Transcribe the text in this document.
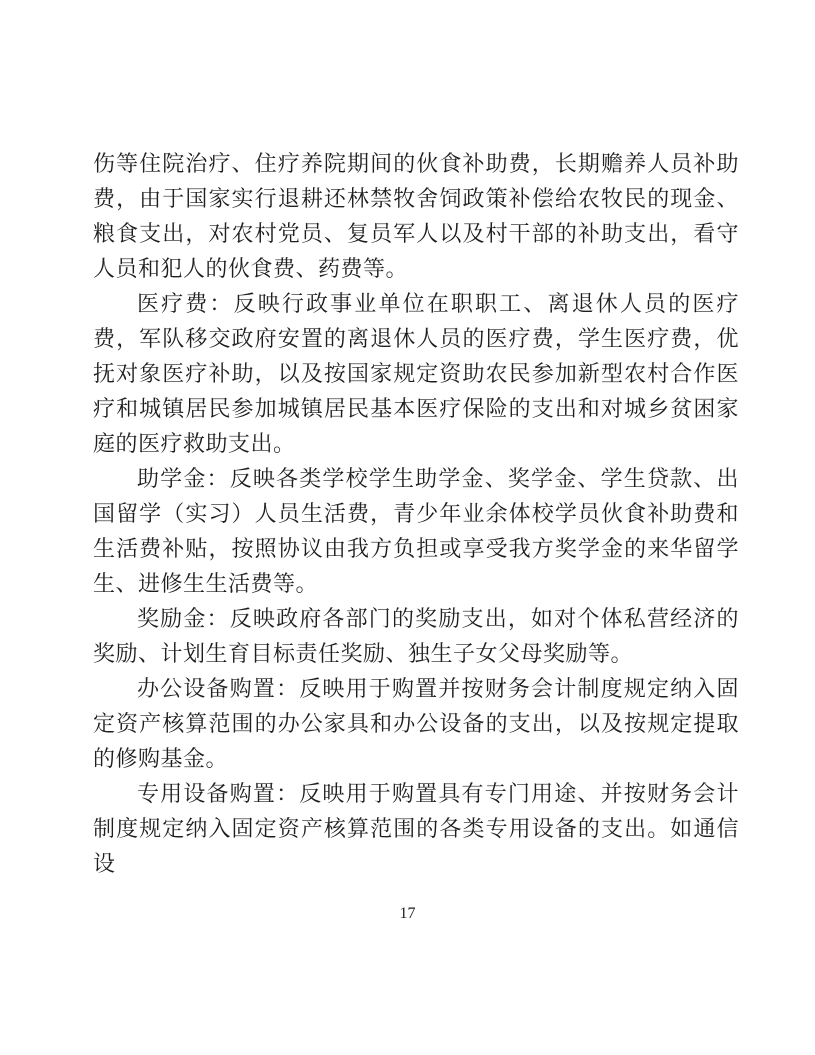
伤等住院治疗、住疗养院期间的伙食补助费，长期赡养人员补助费，由于国家实行退耕还林禁牧舍饲政策补偿给农牧民的现金、粮食支出，对农村党员、复员军人以及村干部的补助支出，看守人员和犯人的伙食费、药费等。

医疗费：反映行政事业单位在职职工、离退休人员的医疗费，军队移交政府安置的离退休人员的医疗费，学生医疗费，优抚对象医疗补助，以及按国家规定资助农民参加新型农村合作医疗和城镇居民参加城镇居民基本医疗保险的支出和对城乡贫困家庭的医疗救助支出。

助学金：反映各类学校学生助学金、奖学金、学生贷款、出国留学（实习）人员生活费，青少年业余体校学员伙食补助费和生活费补贴，按照协议由我方负担或享受我方奖学金的来华留学生、进修生生活费等。

奖励金：反映政府各部门的奖励支出，如对个体私营经济的奖励、计划生育目标责任奖励、独生子女父母奖励等。

办公设备购置：反映用于购置并按财务会计制度规定纳入固定资产核算范围的办公家具和办公设备的支出，以及按规定提取的修购基金。

专用设备购置：反映用于购置具有专门用途、并按财务会计制度规定纳入固定资产核算范围的各类专用设备的支出。如通信设

17
